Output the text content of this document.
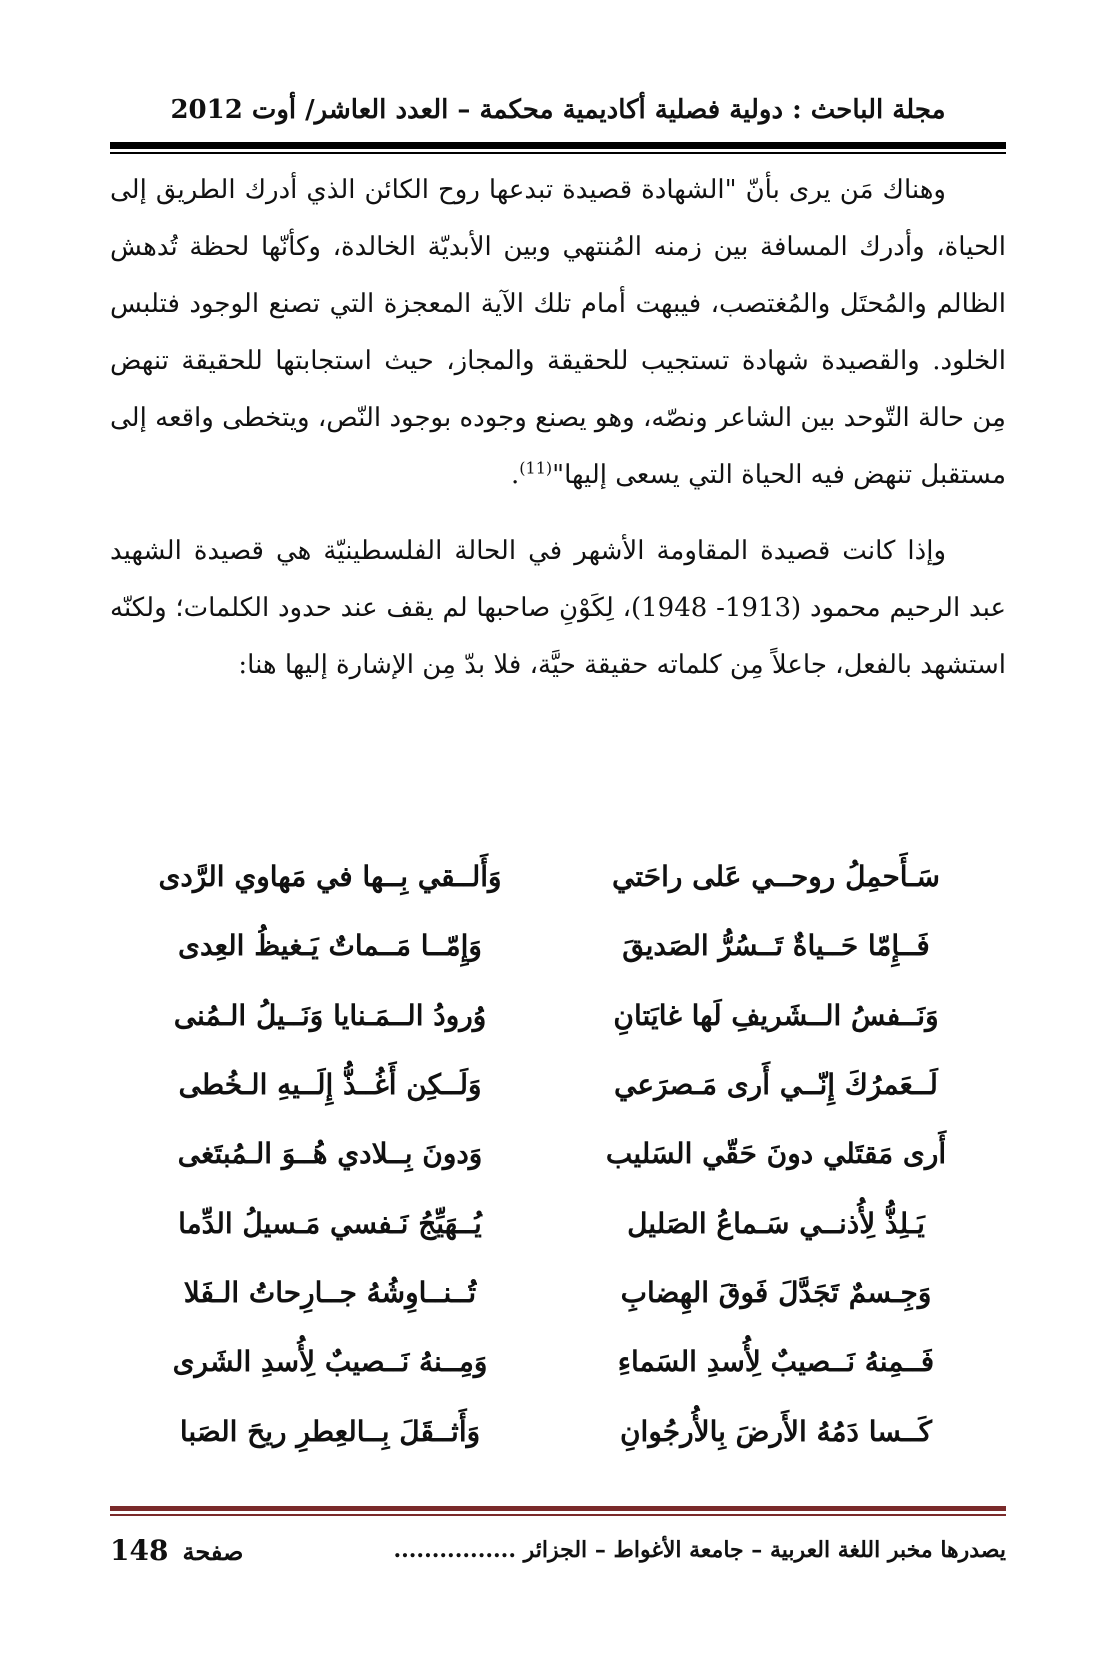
مجلة الباحث : دولية فصلية أكاديمية محكمة – العدد العاشر/ أوت 2012

وهناك مَن يرى بأنّ "الشهادة قصيدة تبدعها روح الكائن الذي أدرك الطريق إلى الحياة، وأدرك المسافة بين زمنه المُنتهي وبين الأبديّة الخالدة، وكأنّها لحظة تُدهش الظالم والمُحتَل والمُغتصب، فيبهت أمام تلك الآية المعجزة التي تصنع الوجود فتلبس الخلود. والقصيدة شهادة تستجيب للحقيقة والمجاز، حيث استجابتها للحقيقة تنهض مِن حالة التّوحد بين الشاعر ونصّه، وهو يصنع وجوده بوجود النّص، ويتخطى واقعه إلى مستقبل تنهض فيه الحياة التي يسعى إليها"$^{(11)}$.

وإذا كانت قصيدة المقاومة الأشهر في الحالة الفلسطينيّة هي قصيدة الشهيد عبد الرحيم محمود (1913- 1948)، لِكَوْنِ صاحبها لم يقف عند حدود الكلمات؛ ولكنّه استشهد بالفعل، جاعلاً مِن كلماته حقيقة حيَّة، فلا بدّ مِن الإشارة إليها هنا:

سَـأَحمِلُ روحــي عَلى راحَتي
وَأَلــقي بِــها في مَهاوي الرَّدى
فَــإِمّا حَــياةٌ تَــسُرُّ الصَديقَ
وَإِمّــا مَــماتٌ يَـغيظُ العِدى
وَنَــفسُ الــشَريفِ لَها غايَتانِ
وُرودُ الــمَـنايا وَنَــيلُ الـمُنى
لَــعَمرُكَ إِنّــي أَرى مَـصرَعي
وَلَــكِن أَغُــذُّ إِلَــيهِ الـخُطى
أَرى مَقتَلي دونَ حَقّي السَليب
وَدونَ بِــلادي هُــوَ الـمُبتَغى
يَـلِذُّ لِأُذنــي سَـماعُ الصَليل
يُــهَيِّجُ نَـفسي مَـسيلُ الدِّما
وَجِـسمٌ تَجَدَّلَ فَوقَ الهِضابِ
تُــنــاوِشُهُ جــارِحاتُ الـفَلا
فَــمِنهُ نَــصيبٌ لِأُسدِ السَماءِ
وَمِــنهُ نَــصيبٌ لِأُسدِ الشَرى
كَــسا دَمُهُ الأَرضَ بِالأُرجُوانِ
وَأَثــقَلَ بِــالعِطرِ ريحَ الصَبا
يصدرها مخبر اللغة العربية – جامعة الأغواط – الجزائر ................
صفحة
148
